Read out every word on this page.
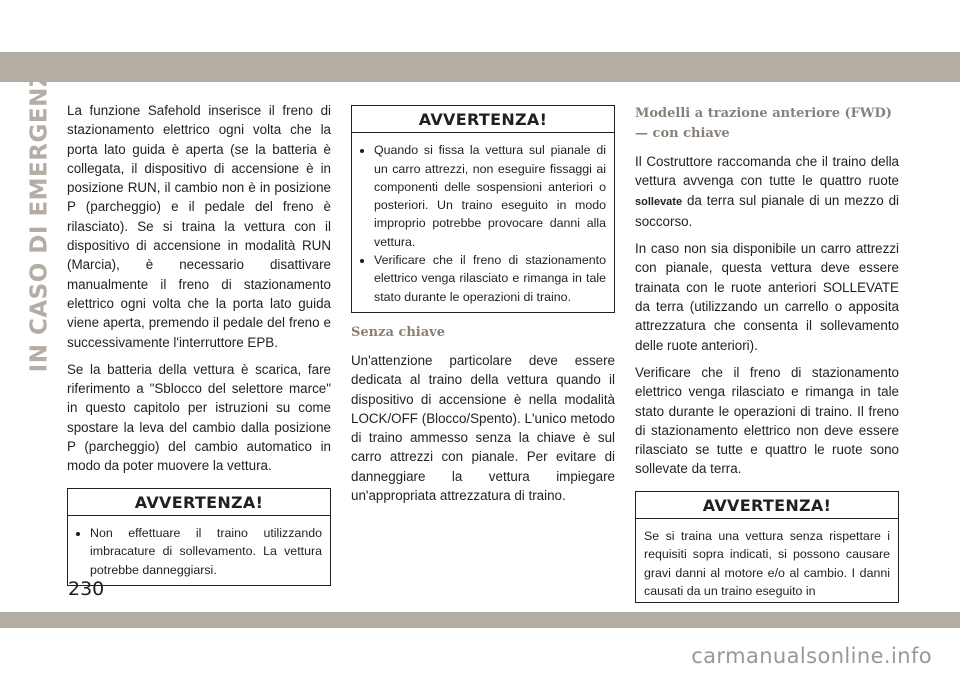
IN CASO DI EMERGENZA La funzione Safehold inserisce il freno di stazionamento elettrico ogni volta che la porta lato guida è aperta (se la batteria è collegata, il dispositivo di accensione è in posizione RUN, il cambio non è in posizione P (parcheggio) e il pedale del freno è rilasciato). Se si traina la vettura con il dispositivo di accensione in modalità RUN (Marcia), è necessario disattivare manualmente il freno di stazionamento elettrico ogni volta che la porta lato guida viene aperta, premendo il pedale del freno e successivamente l'interruttore EPB.

Se la batteria della vettura è scarica, fare riferimento a "Sblocco del selettore marce" in questo capitolo per istruzioni su come spostare la leva del cambio dalla posizione P (parcheggio) del cambio automatico in modo da poter muovere la vettura.

AVVERTENZA!
• Non effettuare il traino utilizzando imbracature di sollevamento. La vettura potrebbe danneggiarsi.
AVVERTENZA!
• Quando si fissa la vettura sul pianale di un carro attrezzi, non eseguire fissaggi ai componenti delle sospensioni anteriori o posteriori. Un traino eseguito in modo improprio potrebbe provocare danni alla vettura.
• Verificare che il freno di stazionamento elettrico venga rilasciato e rimanga in tale stato durante le operazioni di traino.
Senza chiave

Un'attenzione particolare deve essere dedicata al traino della vettura quando il dispositivo di accensione è nella modalità LOCK/OFF (Blocco/Spento). L'unico metodo di traino ammesso senza la chiave è sul carro attrezzi con pianale. Per evitare di danneggiare la vettura impiegare un'appropriata attrezzatura di traino.

Modelli a trazione anteriore (FWD) — con chiave

Il Costruttore raccomanda che il traino della vettura avvenga con tutte le quattro ruote sollevate da terra sul pianale di un mezzo di soccorso.

In caso non sia disponibile un carro attrezzi con pianale, questa vettura deve essere trainata con le ruote anteriori SOLLEVATE da terra (utilizzando un carrello o apposita attrezzatura che consenta il sollevamento delle ruote anteriori).

Verificare che il freno di stazionamento elettrico venga rilasciato e rimanga in tale stato durante le operazioni di traino. Il freno di stazionamento elettrico non deve essere rilasciato se tutte e quattro le ruote sono sollevate da terra.

AVVERTENZA!

Se si traina una vettura senza rispettare i requisiti sopra indicati, si possono causare gravi danni al motore e/o al cambio. I danni causati da un traino eseguito in

230
carmanualsonline.info
